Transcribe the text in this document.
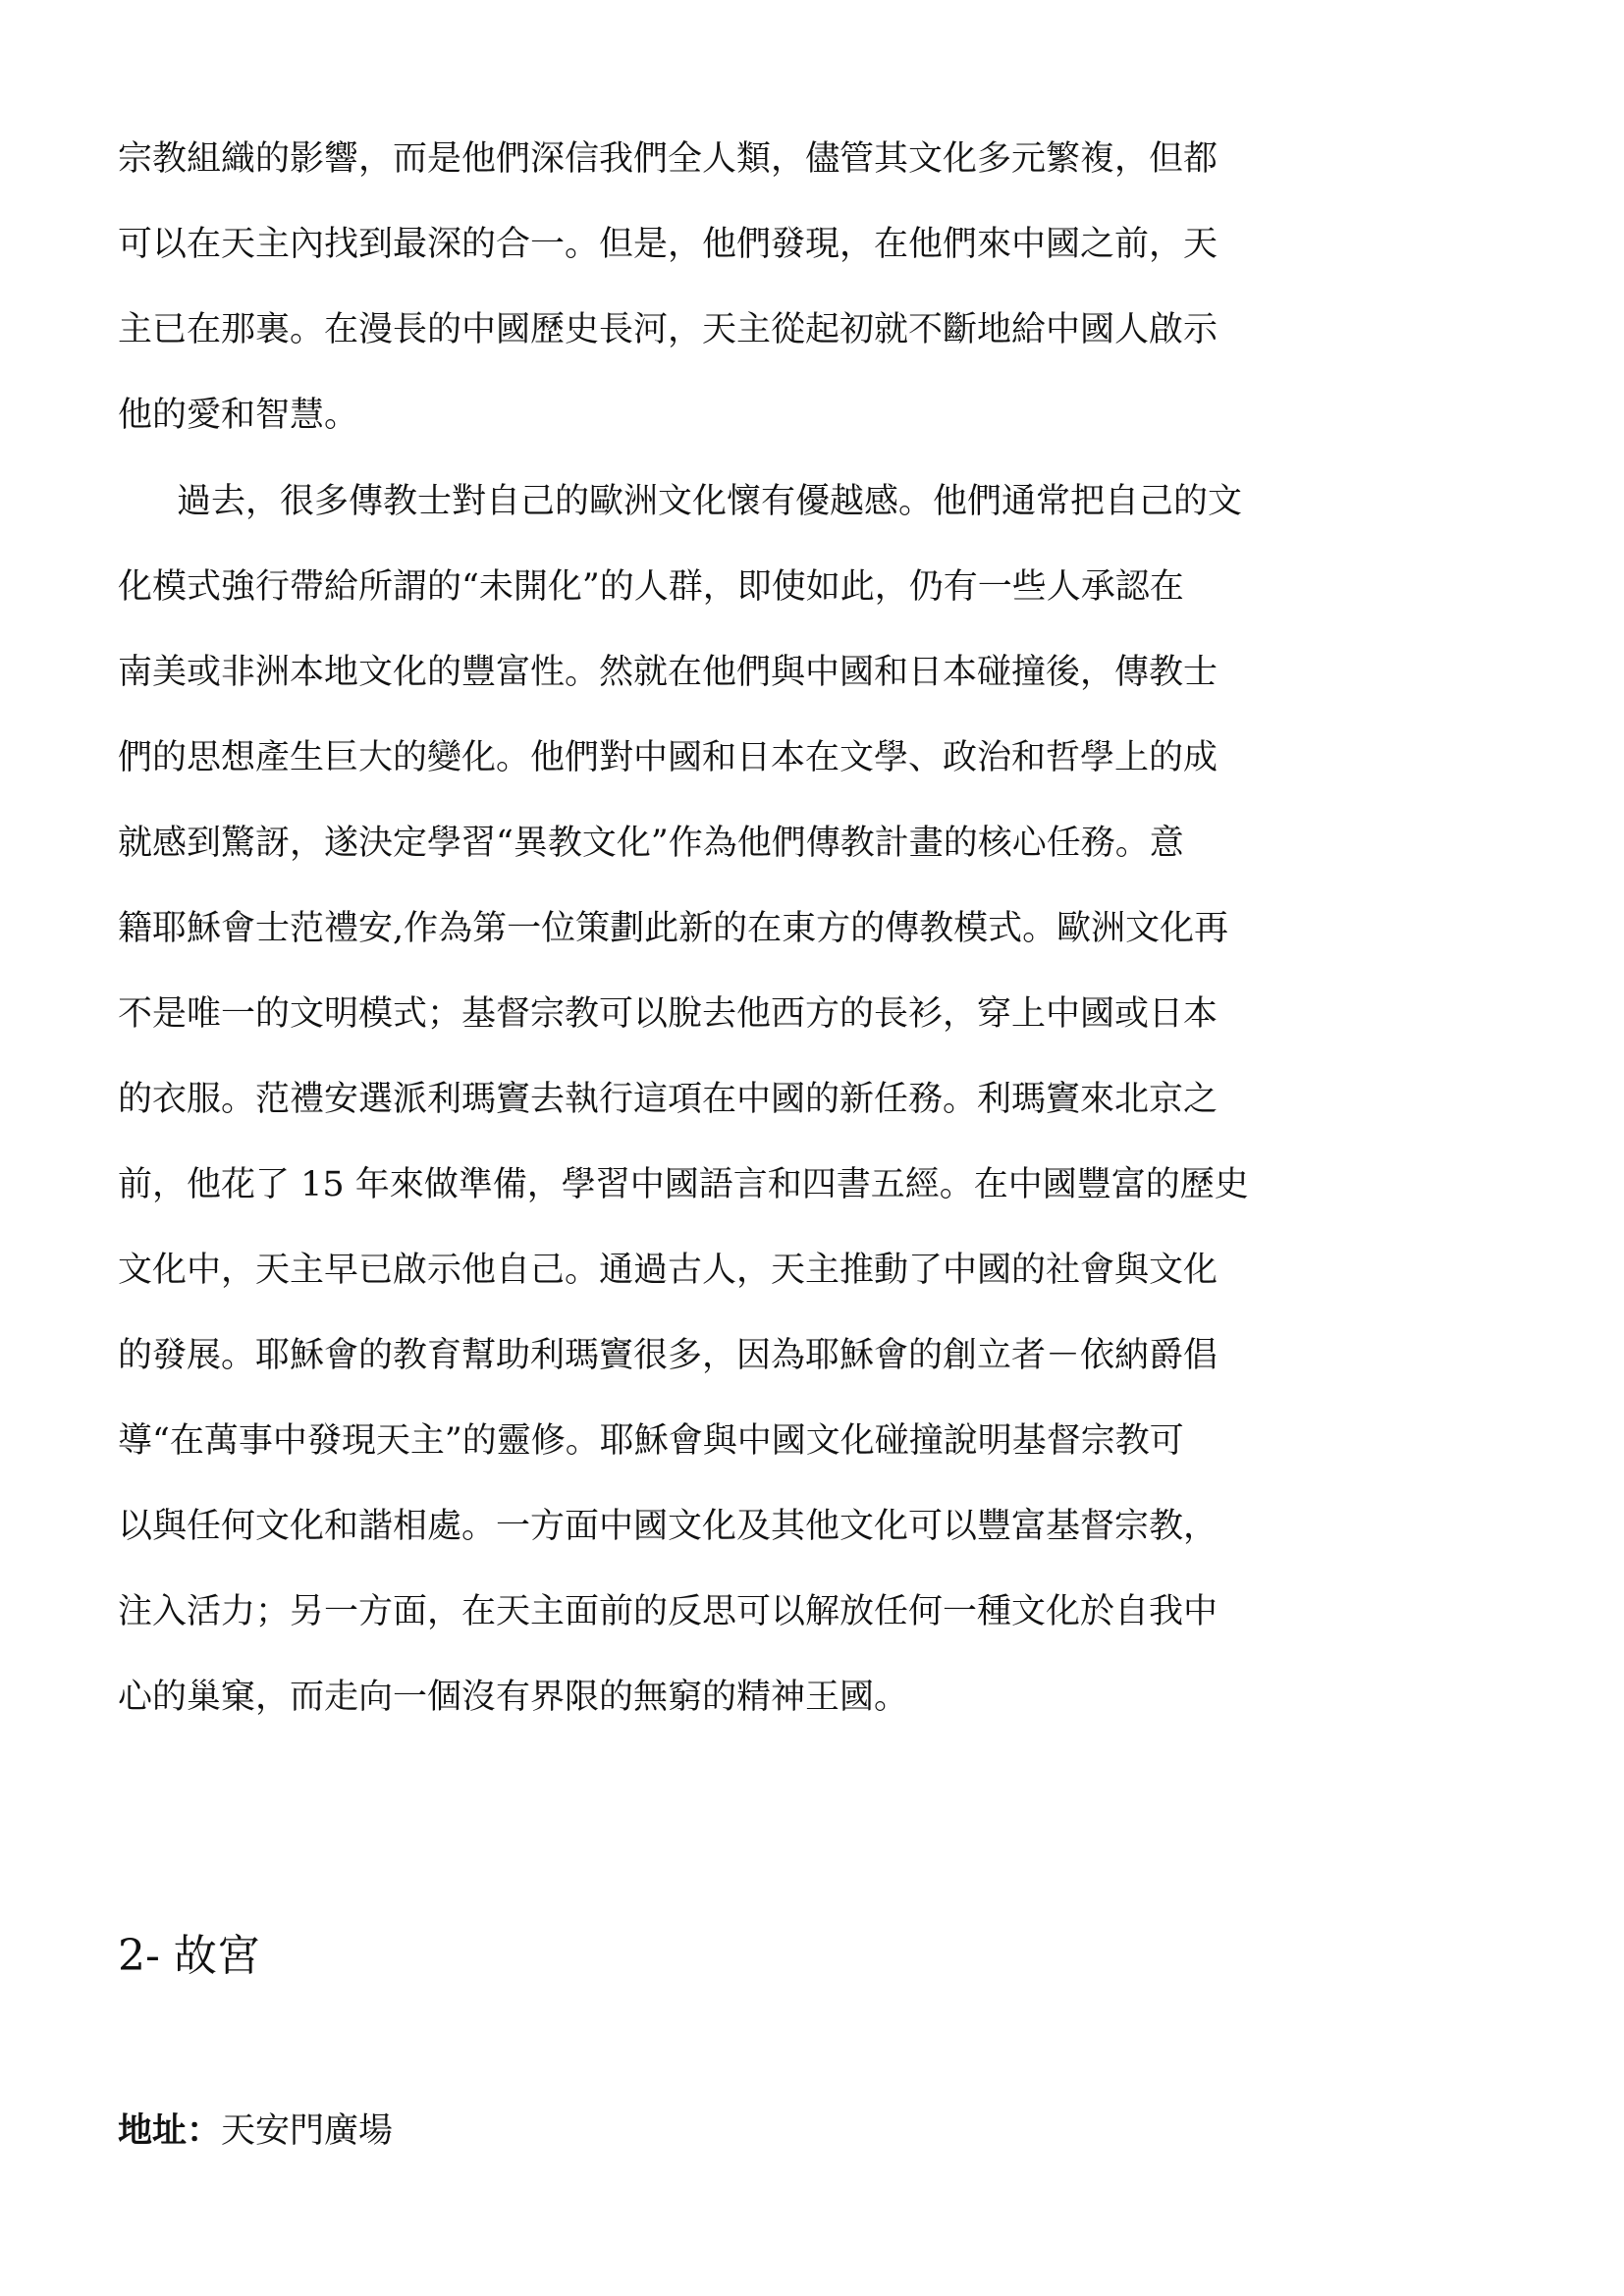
宗教組織的影響，而是他們深信我們全人類，儘管其文化多元繁複，但都
可以在天主內找到最深的合一。但是，他們發現，在他們來中國之前，天
主已在那裏。在漫長的中國歷史長河，天主從起初就不斷地給中國人啟示
他的愛和智慧。
過去，很多傳教士對自己的歐洲文化懷有優越感。他們通常把自己的文
化模式強行帶給所謂的“未開化”的人群，即使如此，仍有一些人承認在
南美或非洲本地文化的豐富性。然就在他們與中國和日本碰撞後，傳教士
們的思想產生巨大的變化。他們對中國和日本在文學、政治和哲學上的成
就感到驚訝，遂決定學習“異教文化”作為他們傳教計畫的核心任務。意
籍耶穌會士范禮安,作為第一位策劃此新的在東方的傳教模式。歐洲文化再
不是唯一的文明模式；基督宗教可以脫去他西方的長衫，穿上中國或日本
的衣服。范禮安選派利瑪竇去執行這項在中國的新任務。利瑪竇來北京之
前，他花了 15 年來做準備，學習中國語言和四書五經。在中國豐富的歷史
文化中，天主早已啟示他自己。通過古人，天主推動了中國的社會與文化
的發展。耶穌會的教育幫助利瑪竇很多，因為耶穌會的創立者－依納爵倡
導“在萬事中發現天主”的靈修。耶穌會與中國文化碰撞說明基督宗教可
以與任何文化和諧相處。一方面中國文化及其他文化可以豐富基督宗教，
注入活力；另一方面，在天主面前的反思可以解放任何一種文化於自我中
心的巢窠，而走向一個沒有界限的無窮的精神王國。
2- 故宮
地址：天安門廣場
